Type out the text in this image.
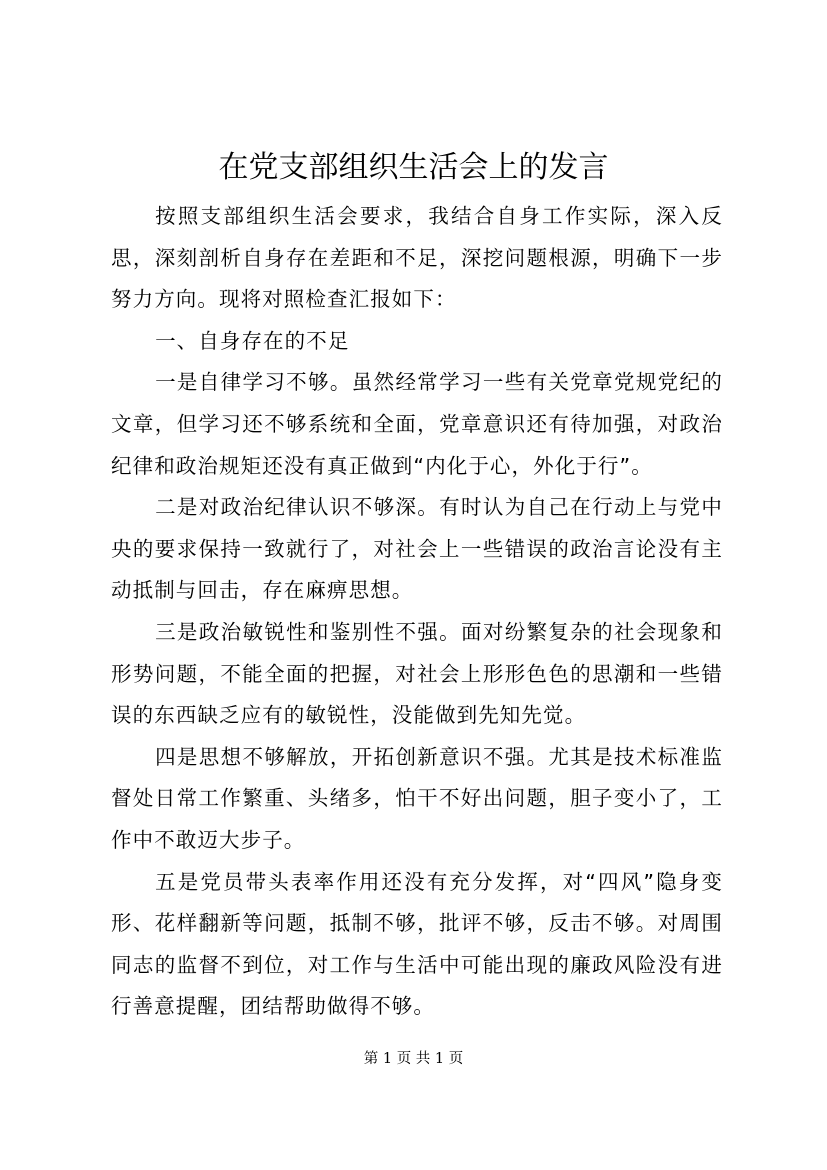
在党支部组织生活会上的发言

按照支部组织生活会要求，我结合自身工作实际，深入反思，深刻剖析自身存在差距和不足，深挖问题根源，明确下一步努力方向。现将对照检查汇报如下：

一、自身存在的不足

一是自律学习不够。虽然经常学习一些有关党章党规党纪的文章，但学习还不够系统和全面，党章意识还有待加强，对政治纪律和政治规矩还没有真正做到“内化于心，外化于行”。

二是对政治纪律认识不够深。有时认为自己在行动上与党中央的要求保持一致就行了，对社会上一些错误的政治言论没有主动抵制与回击，存在麻痹思想。

三是政治敏锐性和鉴别性不强。面对纷繁复杂的社会现象和形势问题，不能全面的把握，对社会上形形色色的思潮和一些错误的东西缺乏应有的敏锐性，没能做到先知先觉。

四是思想不够解放，开拓创新意识不强。尤其是技术标准监督处日常工作繁重、头绪多，怕干不好出问题，胆子变小了，工作中不敢迈大步子。

五是党员带头表率作用还没有充分发挥，对“四风”隐身变形、花样翻新等问题，抵制不够，批评不够，反击不够。对周围同志的监督不到位，对工作与生活中可能出现的廉政风险没有进行善意提醒，团结帮助做得不够。

第 1 页 共 1 页
